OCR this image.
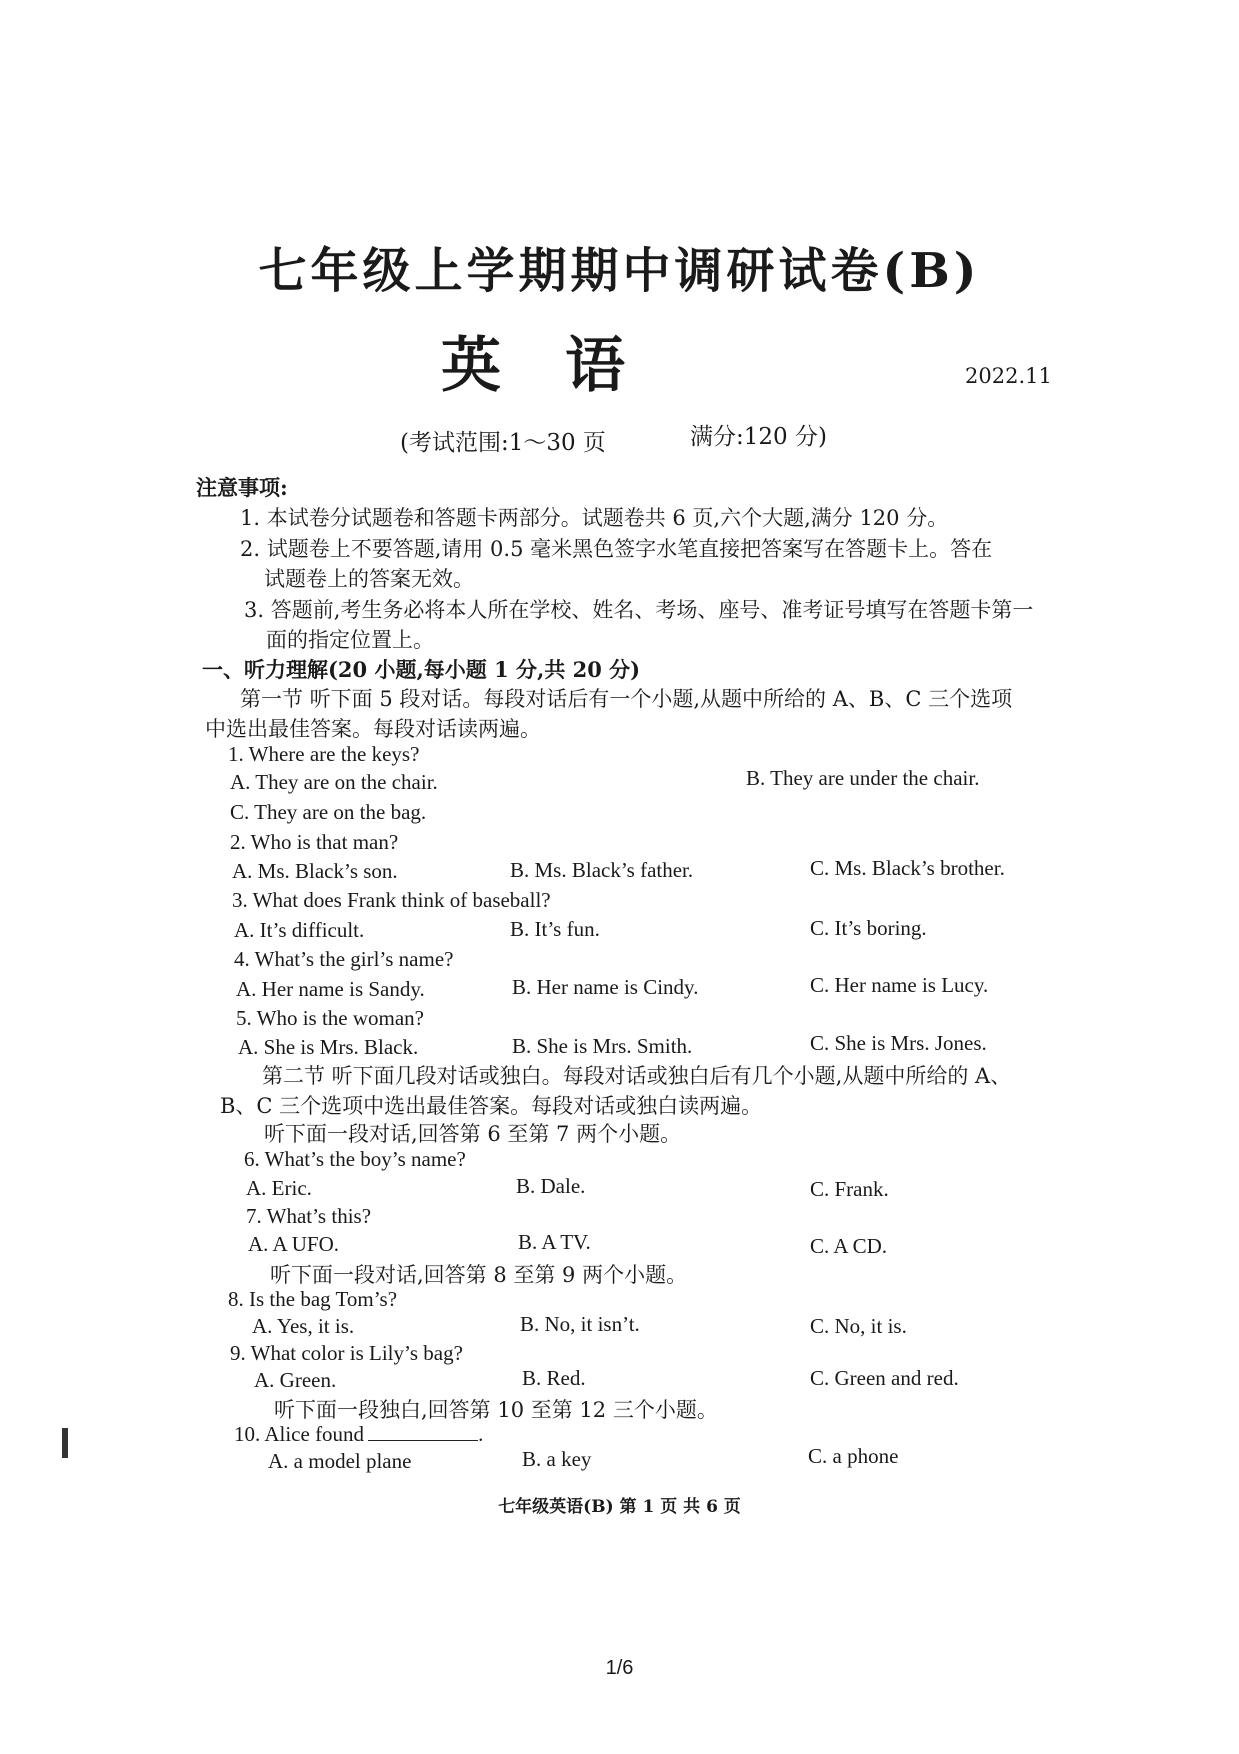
七年级上学期期中调研试卷(B)
英语	2022.11
(考试范围:1～30 页	满分:120 分)
注意事项:
1. 本试卷分试题卷和答题卡两部分。试题卷共 6 页,六个大题,满分 120 分。
2. 试题卷上不要答题,请用 0.5 毫米黑色签字水笔直接把答案写在答题卡上。答在
试题卷上的答案无效。
3. 答题前,考生务必将本人所在学校、姓名、考场、座号、准考证号填写在答题卡第一
面的指定位置上。
一、听力理解(20 小题,每小题 1 分,共 20 分)
第一节 听下面 5 段对话。每段对话后有一个小题,从题中所给的 A、B、C 三个选项
中选出最佳答案。每段对话读两遍。
1. Where are the keys?
A. They are on the chair.	B. They are under the chair.
C. They are on the bag.
2. Who is that man?
A. Ms. Black’s son.	B. Ms. Black’s father.	C. Ms. Black’s brother.
3. What does Frank think of baseball?
A. It’s difficult.	B. It’s fun.	C. It’s boring.
4. What’s the girl’s name?
A. Her name is Sandy.	B. Her name is Cindy.	C. Her name is Lucy.
5. Who is the woman?
A. She is Mrs. Black.	B. She is Mrs. Smith.	C. She is Mrs. Jones.
第二节 听下面几段对话或独白。每段对话或独白后有几个小题,从题中所给的 A、
B、C 三个选项中选出最佳答案。每段对话或独白读两遍。
听下面一段对话,回答第 6 至第 7 两个小题。
6. What’s the boy’s name?
A. Eric.	B. Dale.	C. Frank.
7. What’s this?
A. A UFO.	B. A TV.	C. A CD.
听下面一段对话,回答第 8 至第 9 两个小题。
8. Is the bag Tom’s?
A. Yes, it is.	B. No, it isn’t.	C. No, it is.
9. What color is Lily’s bag?
A. Green.	B. Red.	C. Green and red.
听下面一段独白,回答第 10 至第 12 三个小题。
10. Alice found	.
A. a model plane	B. a key	C. a phone
七年级英语(B) 第 1 页 共 6 页
1/6
